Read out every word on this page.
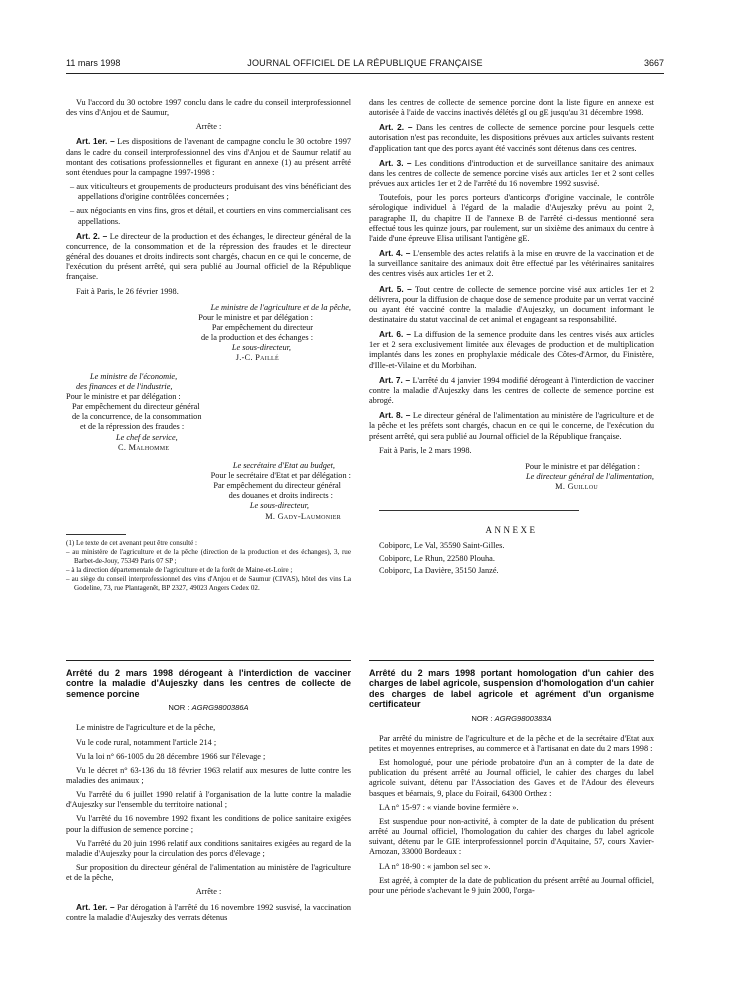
11 mars 1998	JOURNAL OFFICIEL DE LA RÉPUBLIQUE FRANÇAISE	3667

Vu l'accord du 30 octobre 1997 conclu dans le cadre du conseil interprofessionnel des vins d'Anjou et de Saumur,

Arrête :

Art. 1er. – Les dispositions de l'avenant de campagne conclu le 30 octobre 1997 dans le cadre du conseil interprofessionnel des vins d'Anjou et de Saumur relatif au montant des cotisations professionnelles et figurant en annexe (1) au présent arrêté sont étendues pour la campagne 1997-1998 :

– aux viticulteurs et groupements de producteurs produisant des vins bénéficiant des appellations d'origine contrôlées concernées ;

– aux négociants en vins fins, gros et détail, et courtiers en vins commercialisant ces appellations.

Art. 2. – Le directeur de la production et des échanges, le directeur général de la concurrence, de la consommation et de la répression des fraudes et le directeur général des douanes et droits indirects sont chargés, chacun en ce qui le concerne, de l'exécution du présent arrêté, qui sera publié au Journal officiel de la République française.

Fait à Paris, le 26 février 1998.

Le ministre de l'agriculture et de la pêche,

Pour le ministre et par délégation :

Par empêchement du directeur

de la production et des échanges :

Le sous-directeur,

J.-C. Paillé

Le ministre de l'économie,

des finances et de l'industrie,

Pour le ministre et par délégation :

Par empêchement du directeur général

de la concurrence, de la consommation

et de la répression des fraudes :

Le chef de service,

C. Malhomme

Le secrétaire d'Etat au budget,

Pour le secrétaire d'Etat et par délégation :

Par empêchement du directeur général

des douanes et droits indirects :

Le sous-directeur,

M. Gady-Laumonier

(1) Le texte de cet avenant peut être consulté :

– au ministère de l'agriculture et de la pêche (direction de la production et des échanges), 3, rue Barbet-de-Jouy, 75349 Paris 07 SP ;

– à la direction départementale de l'agriculture et de la forêt de Maine-et-Loire ;

– au siège du conseil interprofessionnel des vins d'Anjou et de Saumur (CIVAS), hôtel des vins La Godeline, 73, rue Plantagenêt, BP 2327, 49023 Angers Cedex 02.

dans les centres de collecte de semence porcine dont la liste figure en annexe est autorisée à l'aide de vaccins inactivés délétés gI ou gE jusqu'au 31 décembre 1998.

Art. 2. – Dans les centres de collecte de semence porcine pour lesquels cette autorisation n'est pas reconduite, les dispositions prévues aux articles suivants restent d'application tant que des porcs ayant été vaccinés sont détenus dans ces centres.

Art. 3. – Les conditions d'introduction et de surveillance sanitaire des animaux dans les centres de collecte de semence porcine visés aux articles 1er et 2 sont celles prévues aux articles 1er et 2 de l'arrêté du 16 novembre 1992 susvisé.

Toutefois, pour les porcs porteurs d'anticorps d'origine vaccinale, le contrôle sérologique individuel à l'égard de la maladie d'Aujeszky prévu au point 2, paragraphe II, du chapitre II de l'annexe B de l'arrêté ci-dessus mentionné sera effectué tous les quinze jours, par roulement, sur un sixième des animaux du centre à l'aide d'une épreuve Elisa utilisant l'antigène gE.

Art. 4. – L'ensemble des actes relatifs à la mise en œuvre de la vaccination et de la surveillance sanitaire des animaux doit être effectué par les vétérinaires sanitaires des centres visés aux articles 1er et 2.

Art. 5. – Tout centre de collecte de semence porcine visé aux articles 1er et 2 délivrera, pour la diffusion de chaque dose de semence produite par un verrat vacciné ou ayant été vacciné contre la maladie d'Aujeszky, un document informant le destinataire du statut vaccinal de cet animal et engageant sa responsabilité.

Art. 6. – La diffusion de la semence produite dans les centres visés aux articles 1er et 2 sera exclusivement limitée aux élevages de production et de multiplication implantés dans les zones en prophylaxie médicale des Côtes-d'Armor, du Finistère, d'Ille-et-Vilaine et du Morbihan.

Art. 7. – L'arrêté du 4 janvier 1994 modifié dérogeant à l'interdiction de vacciner contre la maladie d'Aujeszky dans les centres de collecte de semence porcine est abrogé.

Art. 8. – Le directeur général de l'alimentation au ministère de l'agriculture et de la pêche et les préfets sont chargés, chacun en ce qui le concerne, de l'exécution du présent arrêté, qui sera publié au Journal officiel de la République française.

Fait à Paris, le 2 mars 1998.

Pour le ministre et par délégation :

Le directeur général de l'alimentation,

M. Guillou

ANNEXE

Cobiporc, Le Val, 35590 Saint-Gilles.

Cobiporc, Le Rhun, 22580 Plouha.

Cobiporc, La Davière, 35150 Janzé.

Arrêté du 2 mars 1998 dérogeant à l'interdiction de vacciner contre la maladie d'Aujeszky dans les centres de collecte de semence porcine
NOR : AGRG9800386A

Le ministre de l'agriculture et de la pêche,

Vu le code rural, notamment l'article 214 ;

Vu la loi n° 66-1005 du 28 décembre 1966 sur l'élevage ;

Vu le décret n° 63-136 du 18 février 1963 relatif aux mesures de lutte contre les maladies des animaux ;

Vu l'arrêté du 6 juillet 1990 relatif à l'organisation de la lutte contre la maladie d'Aujeszky sur l'ensemble du territoire national ;

Vu l'arrêté du 16 novembre 1992 fixant les conditions de police sanitaire exigées pour la diffusion de semence porcine ;

Vu l'arrêté du 20 juin 1996 relatif aux conditions sanitaires exigées au regard de la maladie d'Aujeszky pour la circulation des porcs d'élevage ;

Sur proposition du directeur général de l'alimentation au ministère de l'agriculture et de la pêche,

Arrête :

Art. 1er. – Par dérogation à l'arrêté du 16 novembre 1992 susvisé, la vaccination contre la maladie d'Aujeszky des verrats détenus

Arrêté du 2 mars 1998 portant homologation d'un cahier des charges de label agricole, suspension d'homologation d'un cahier des charges de label agricole et agrément d'un organisme certificateur
NOR : AGRG9800383A

Par arrêté du ministre de l'agriculture et de la pêche et de la secrétaire d'Etat aux petites et moyennes entreprises, au commerce et à l'artisanat en date du 2 mars 1998 :

Est homologué, pour une période probatoire d'un an à compter de la date de publication du présent arrêté au Journal officiel, le cahier des charges du label agricole suivant, détenu par l'Association des Gaves et de l'Adour des éleveurs basques et béarnais, 9, place du Foirail, 64300 Orthez :

LA n° 15-97 : « viande bovine fermière ».

Est suspendue pour non-activité, à compter de la date de publication du présent arrêté au Journal officiel, l'homologation du cahier des charges du label agricole suivant, détenu par le GIE interprofessionnel porcin d'Aquitaine, 57, cours Xavier-Arnozan, 33000 Bordeaux :

LA n° 18-90 : « jambon sel sec ».

Est agréé, à compter de la date de publication du présent arrêté au Journal officiel, pour une période s'achevant le 9 juin 2000, l'orga-
